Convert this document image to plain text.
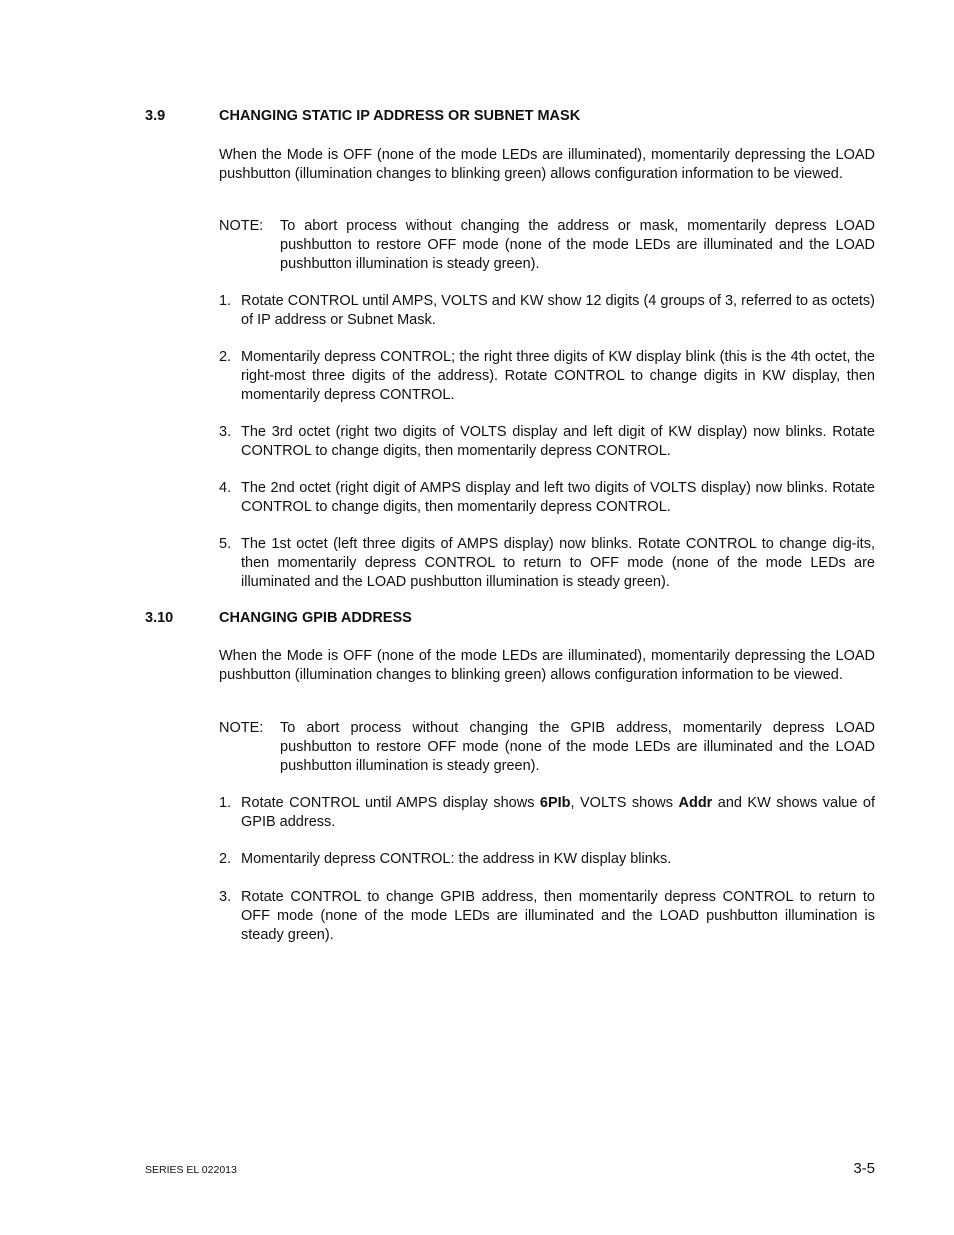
3.9	CHANGING STATIC IP ADDRESS OR SUBNET MASK
When the Mode is OFF (none of the mode LEDs are illuminated), momentarily depressing the LOAD pushbutton (illumination changes to blinking green) allows configuration information to be viewed.
NOTE:	To abort process without changing the address or mask, momentarily depress LOAD pushbutton to restore OFF mode (none of the mode LEDs are illuminated and the LOAD pushbutton illumination is steady green).
1. Rotate CONTROL until AMPS, VOLTS and KW show 12 digits (4 groups of 3, referred to as octets) of IP address or Subnet Mask.
2. Momentarily depress CONTROL; the right three digits of KW display blink (this is the 4th octet, the right-most three digits of the address). Rotate CONTROL to change digits in KW display, then momentarily depress CONTROL.
3. The 3rd octet (right two digits of VOLTS display and left digit of KW display) now blinks. Rotate CONTROL to change digits, then momentarily depress CONTROL.
4. The 2nd octet (right digit of AMPS display and left two digits of VOLTS display) now blinks. Rotate CONTROL to change digits, then momentarily depress CONTROL.
5. The 1st octet (left three digits of AMPS display) now blinks. Rotate CONTROL to change dig-its, then momentarily depress CONTROL to return to OFF mode (none of the mode LEDs are illuminated and the LOAD pushbutton illumination is steady green).
3.10	CHANGING GPIB ADDRESS
When the Mode is OFF (none of the mode LEDs are illuminated), momentarily depressing the LOAD pushbutton (illumination changes to blinking green) allows configuration information to be viewed.
NOTE:	To abort process without changing the GPIB address, momentarily depress LOAD pushbutton to restore OFF mode (none of the mode LEDs are illuminated and the LOAD pushbutton illumination is steady green).
1. Rotate CONTROL until AMPS display shows 6PIb, VOLTS shows Addr and KW shows value of GPIB address.
2. Momentarily depress CONTROL: the address in KW display blinks.
3. Rotate CONTROL to change GPIB address, then momentarily depress CONTROL to return to OFF mode (none of the mode LEDs are illuminated and the LOAD pushbutton illumination is steady green).
SERIES EL 022013	3-5
